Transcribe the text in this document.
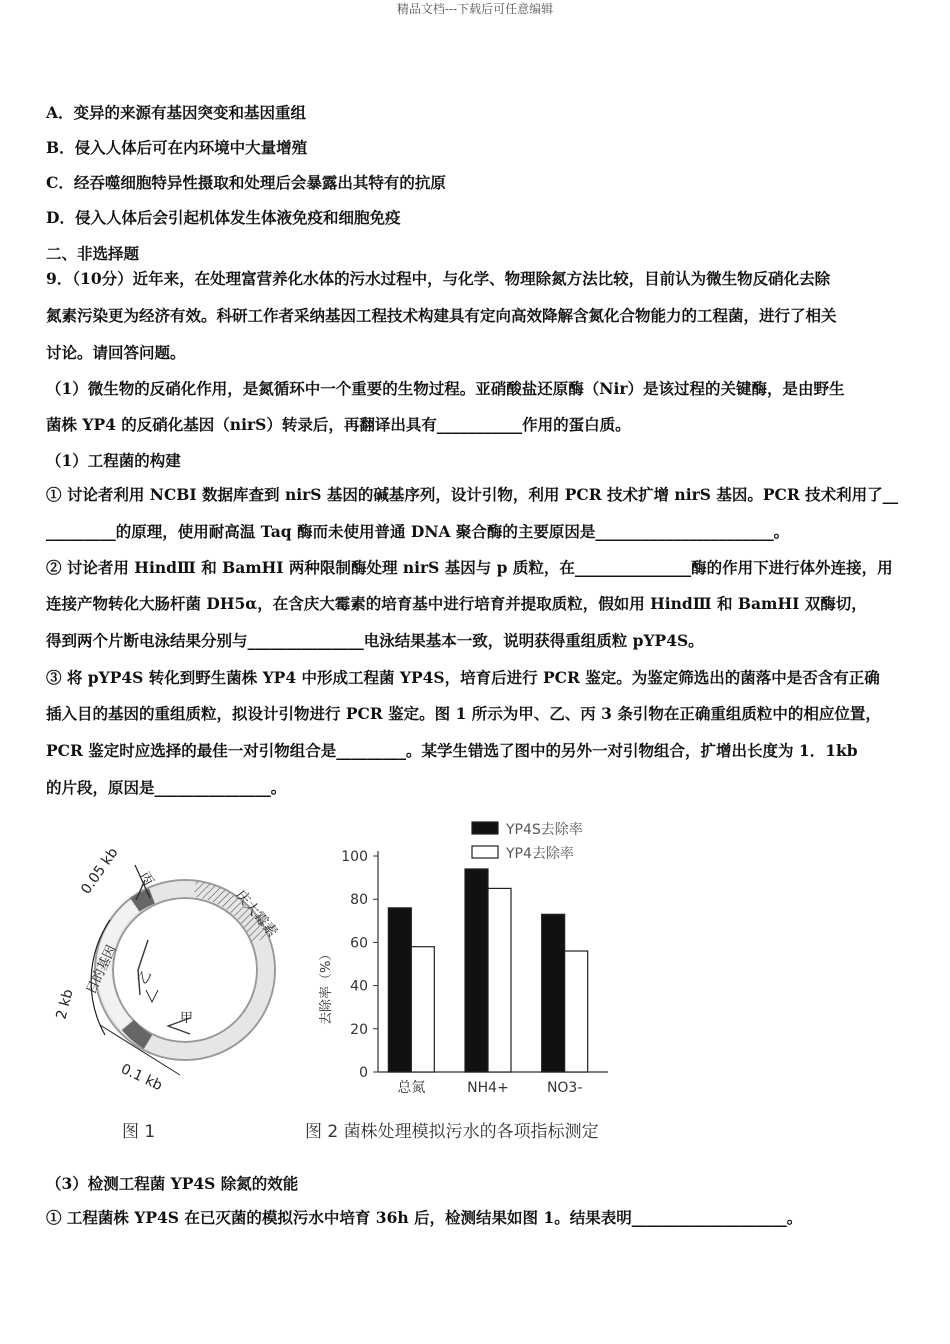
精品文档---下载后可任意编辑
A．变异的来源有基因突变和基因重组
B．侵入人体后可在内环境中大量增殖
C．经吞噬细胞特异性摄取和处理后会暴露出其特有的抗原
D．侵入人体后会引起机体发生体液免疫和细胞免疫
二、非选择题
9．（10分）近年来，在处理富营养化水体的污水过程中，与化学、物理除氮方法比较，目前认为微生物反硝化去除
氮素污染更为经济有效。科研工作者采纳基因工程技术构建具有定向高效降解含氮化合物能力的工程菌，进行了相关
讨论。请回答问题。
（1）微生物的反硝化作用，是氮循环中一个重要的生物过程。亚硝酸盐还原酶（Nir）是该过程的关键酶，是由野生
菌株 YP4 的反硝化基因（nirS）转录后，再翻译出具有___________作用的蛋白质。
（1）工程菌的构建
① 讨论者利用 NCBI 数据库查到 nirS 基因的碱基序列，设计引物，利用 PCR 技术扩增 nirS 基因。PCR 技术利用了__
_________的原理，使用耐高温 Taq 酶而未使用普通 DNA 聚合酶的主要原因是_______________________。
② 讨论者用 HindⅢ 和 BamHI 两种限制酶处理 nirS 基因与 p 质粒，在_______________酶的作用下进行体外连接，用
连接产物转化大肠杆菌 DH5α，在含庆大霉素的培育基中进行培育并提取质粒，假如用 HindⅢ 和 BamHI 双酶切，
得到两个片断电泳结果分别与_______________电泳结果基本一致，说明获得重组质粒 pYP4S。
③ 将 pYP4S 转化到野生菌株 YP4 中形成工程菌 YP4S，培育后进行 PCR 鉴定。为鉴定筛选出的菌落中是否含有正确
插入目的基因的重组质粒，拟设计引物进行 PCR 鉴定。图 1 所示为甲、乙、丙 3 条引物在正确重组质粒中的相应位置，
PCR 鉴定时应选择的最佳一对引物组合是_________。某学生错选了图中的另外一对引物组合，扩增出长度为 1．1kb
的片段，原因是_______________。
0.05 kb
2 kb
0.1 kb
目的基因
庆大霉素
甲
乙
丙
去除率（%）
0
20
40
60
80
100
总氮	NH4+	NO3-
YP4S去除率
YP4去除率
图 1	图 2 菌株处理模拟污水的各项指标测定
（3）检测工程菌 YP4S 除氮的效能
① 工程菌株 YP4S 在已灭菌的模拟污水中培育 36h 后，检测结果如图 1。结果表明____________________。
